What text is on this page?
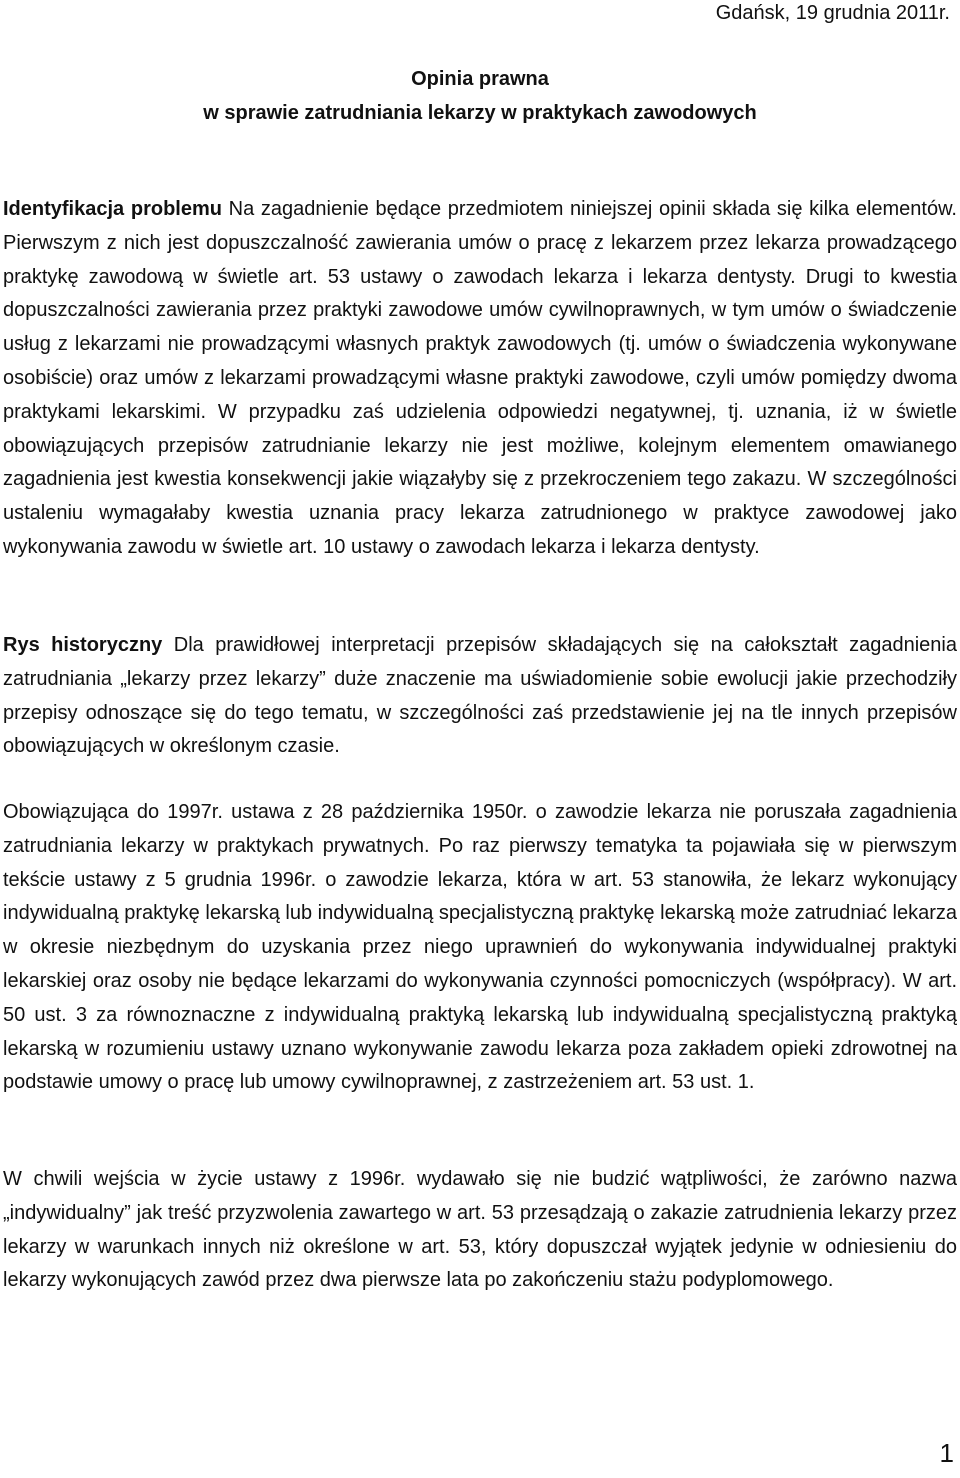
Gdańsk, 19 grudnia 2011r.
Opinia prawna
w sprawie zatrudniania lekarzy w praktykach zawodowych

Identyfikacja problemu Na zagadnienie będące przedmiotem niniejszej opinii składa się kilka elementów. Pierwszym z nich jest dopuszczalność zawierania umów o pracę z lekarzem przez lekarza prowadzącego praktykę zawodową w świetle art. 53 ustawy o zawodach lekarza i lekarza dentysty. Drugi to kwestia dopuszczalności zawierania przez praktyki zawodowe umów cywilnoprawnych, w tym umów o świadczenie usług z lekarzami nie prowadzącymi własnych praktyk zawodowych (tj. umów o świadczenia wykonywane osobiście) oraz umów z lekarzami prowadzącymi własne praktyki zawodowe, czyli umów pomiędzy dwoma praktykami lekarskimi. W przypadku zaś udzielenia odpowiedzi negatywnej, tj. uznania, iż w świetle obowiązujących przepisów zatrudnianie lekarzy nie jest możliwe, kolejnym elementem omawianego zagadnienia jest kwestia konsekwencji jakie wiązałyby się z przekroczeniem tego zakazu. W szczególności ustaleniu wymagałaby kwestia uznania pracy lekarza zatrudnionego w praktyce zawodowej jako wykonywania zawodu w świetle art. 10 ustawy o zawodach lekarza i lekarza dentysty.

Rys historyczny Dla prawidłowej interpretacji przepisów składających się na całokształt zagadnienia zatrudniania „lekarzy przez lekarzy” duże znaczenie ma uświadomienie sobie ewolucji jakie przechodziły przepisy odnoszące się do tego tematu, w szczególności zaś przedstawienie jej na tle innych przepisów obowiązujących w określonym czasie.

Obowiązująca do 1997r. ustawa z 28 października 1950r. o zawodzie lekarza nie poruszała zagadnienia zatrudniania lekarzy w praktykach prywatnych. Po raz pierwszy tematyka ta pojawiała się w pierwszym tekście ustawy z 5 grudnia 1996r. o zawodzie lekarza, która w art. 53 stanowiła, że lekarz wykonujący indywidualną praktykę lekarską lub indywidualną specjalistyczną praktykę lekarską może zatrudniać lekarza w okresie niezbędnym do uzyskania przez niego uprawnień do wykonywania indywidualnej praktyki lekarskiej oraz osoby nie będące lekarzami do wykonywania czynności pomocniczych (współpracy). W art. 50 ust. 3 za równoznaczne z indywidualną praktyką lekarską lub indywidualną specjalistyczną praktyką lekarską w rozumieniu ustawy uznano wykonywanie zawodu lekarza poza zakładem opieki zdrowotnej na podstawie umowy o pracę lub umowy cywilnoprawnej, z zastrzeżeniem art. 53 ust. 1.

W chwili wejścia w życie ustawy z 1996r. wydawało się nie budzić wątpliwości, że zarówno nazwa „indywidualny” jak treść przyzwolenia zawartego w art. 53 przesądzają o zakazie zatrudnienia lekarzy przez lekarzy w warunkach innych niż określone w art. 53, który dopuszczał wyjątek jedynie w odniesieniu do lekarzy wykonujących zawód przez dwa pierwsze lata po zakończeniu stażu podyplomowego.

1
